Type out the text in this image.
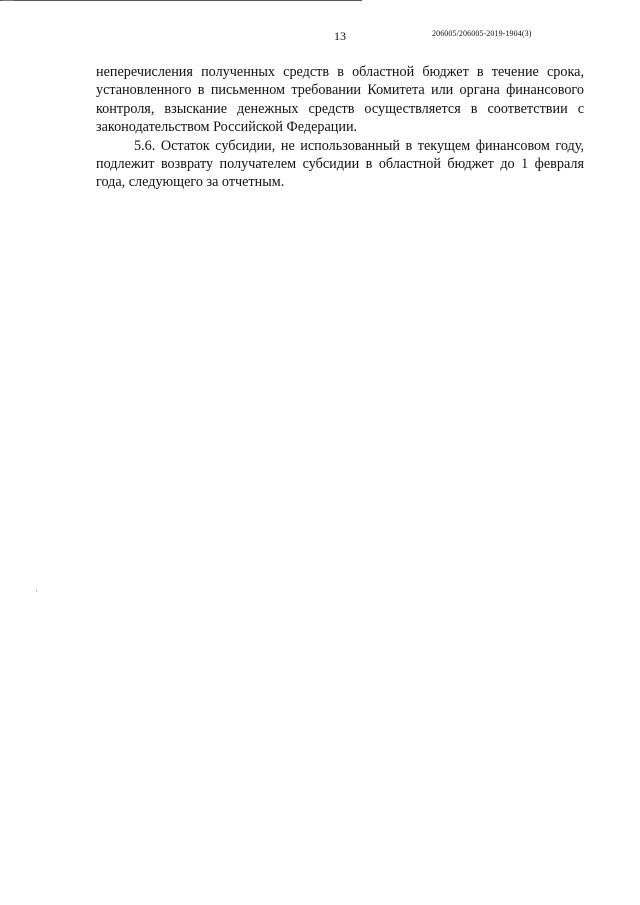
13	206005/206005-2019-1904(3)

неперечисления полученных средств в областной бюджет в течение срока, установленного в письменном требовании Комитета или органа финансового контроля, взыскание денежных средств осуществляется в соответствии с законодательством Российской Федерации.

5.6. Остаток субсидии, не использованный в текущем финансовом году, подлежит возврату получателем субсидии в областной бюджет до 1 февраля года, следующего за отчетным.
